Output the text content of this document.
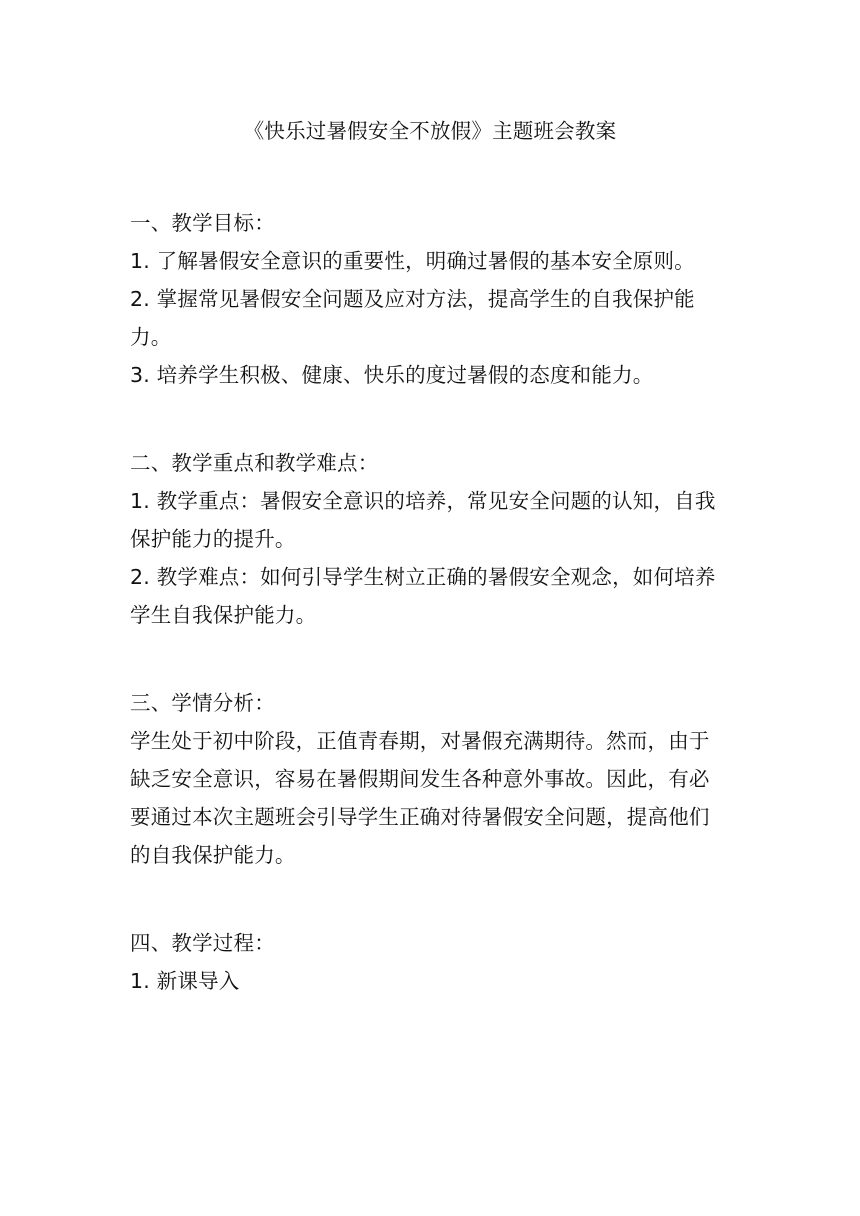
《快乐过暑假安全不放假》主题班会教案

一、教学目标：

1. 了解暑假安全意识的重要性，明确过暑假的基本安全原则。

2. 掌握常见暑假安全问题及应对方法，提高学生的自我保护能力。

3. 培养学生积极、健康、快乐的度过暑假的态度和能力。

二、教学重点和教学难点：

1. 教学重点：暑假安全意识的培养，常见安全问题的认知，自我保护能力的提升。

2. 教学难点：如何引导学生树立正确的暑假安全观念，如何培养学生自我保护能力。

三、学情分析：

学生处于初中阶段，正值青春期，对暑假充满期待。然而，由于缺乏安全意识，容易在暑假期间发生各种意外事故。因此，有必要通过本次主题班会引导学生正确对待暑假安全问题，提高他们的自我保护能力。

四、教学过程：

1. 新课导入
